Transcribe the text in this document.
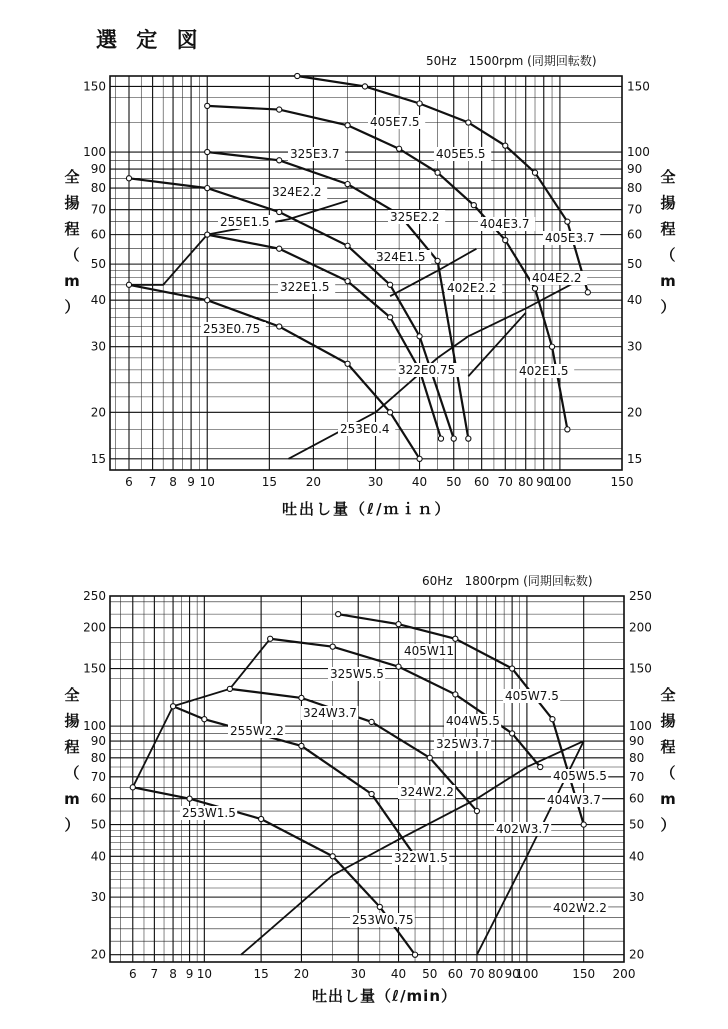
選 定 図
50Hz　1500rpm (同期回転数)
60Hz　1800rpm (同期回転数)
吐出し量（ℓ/ｍｉｎ）
吐出し量（ℓ/min）
6 7 8 9 10	15 20	30 40 50 60 70 80 90
100	150
15	15
20	20
30	30
40	40
50	50
60	60
70	70
80	80
90	90
100	100
150	150
全	全
揚	揚
程	程
（	（
m	m
）	）
405E7.5
325E3.7	405E5.5
324E2.2
325E2.2	404E3.7
405E3.7
255E1.5
324E1.5
404E2.2
402E2.2
322E1.5
253E0.75
322E0.75	402E1.5
253E0.4
6 7 8 9 10	15 20	30 40 50 60 70 80 90
100	150 200
20	20
30	30
40	40
50	50
60	60
70	70
80	80
90	90
100	100
150	150
200	200
250	250
全	全
揚	揚
程	程
（	（
m	m
）	）
405W11
325W5.5
405W7.5
255W2.2
324W3.7
404W5.5
325W3.7
405W5.5
404W3.7
324W2.2
253W1.5
402W3.7
322W1.5
402W2.2
253W0.75
